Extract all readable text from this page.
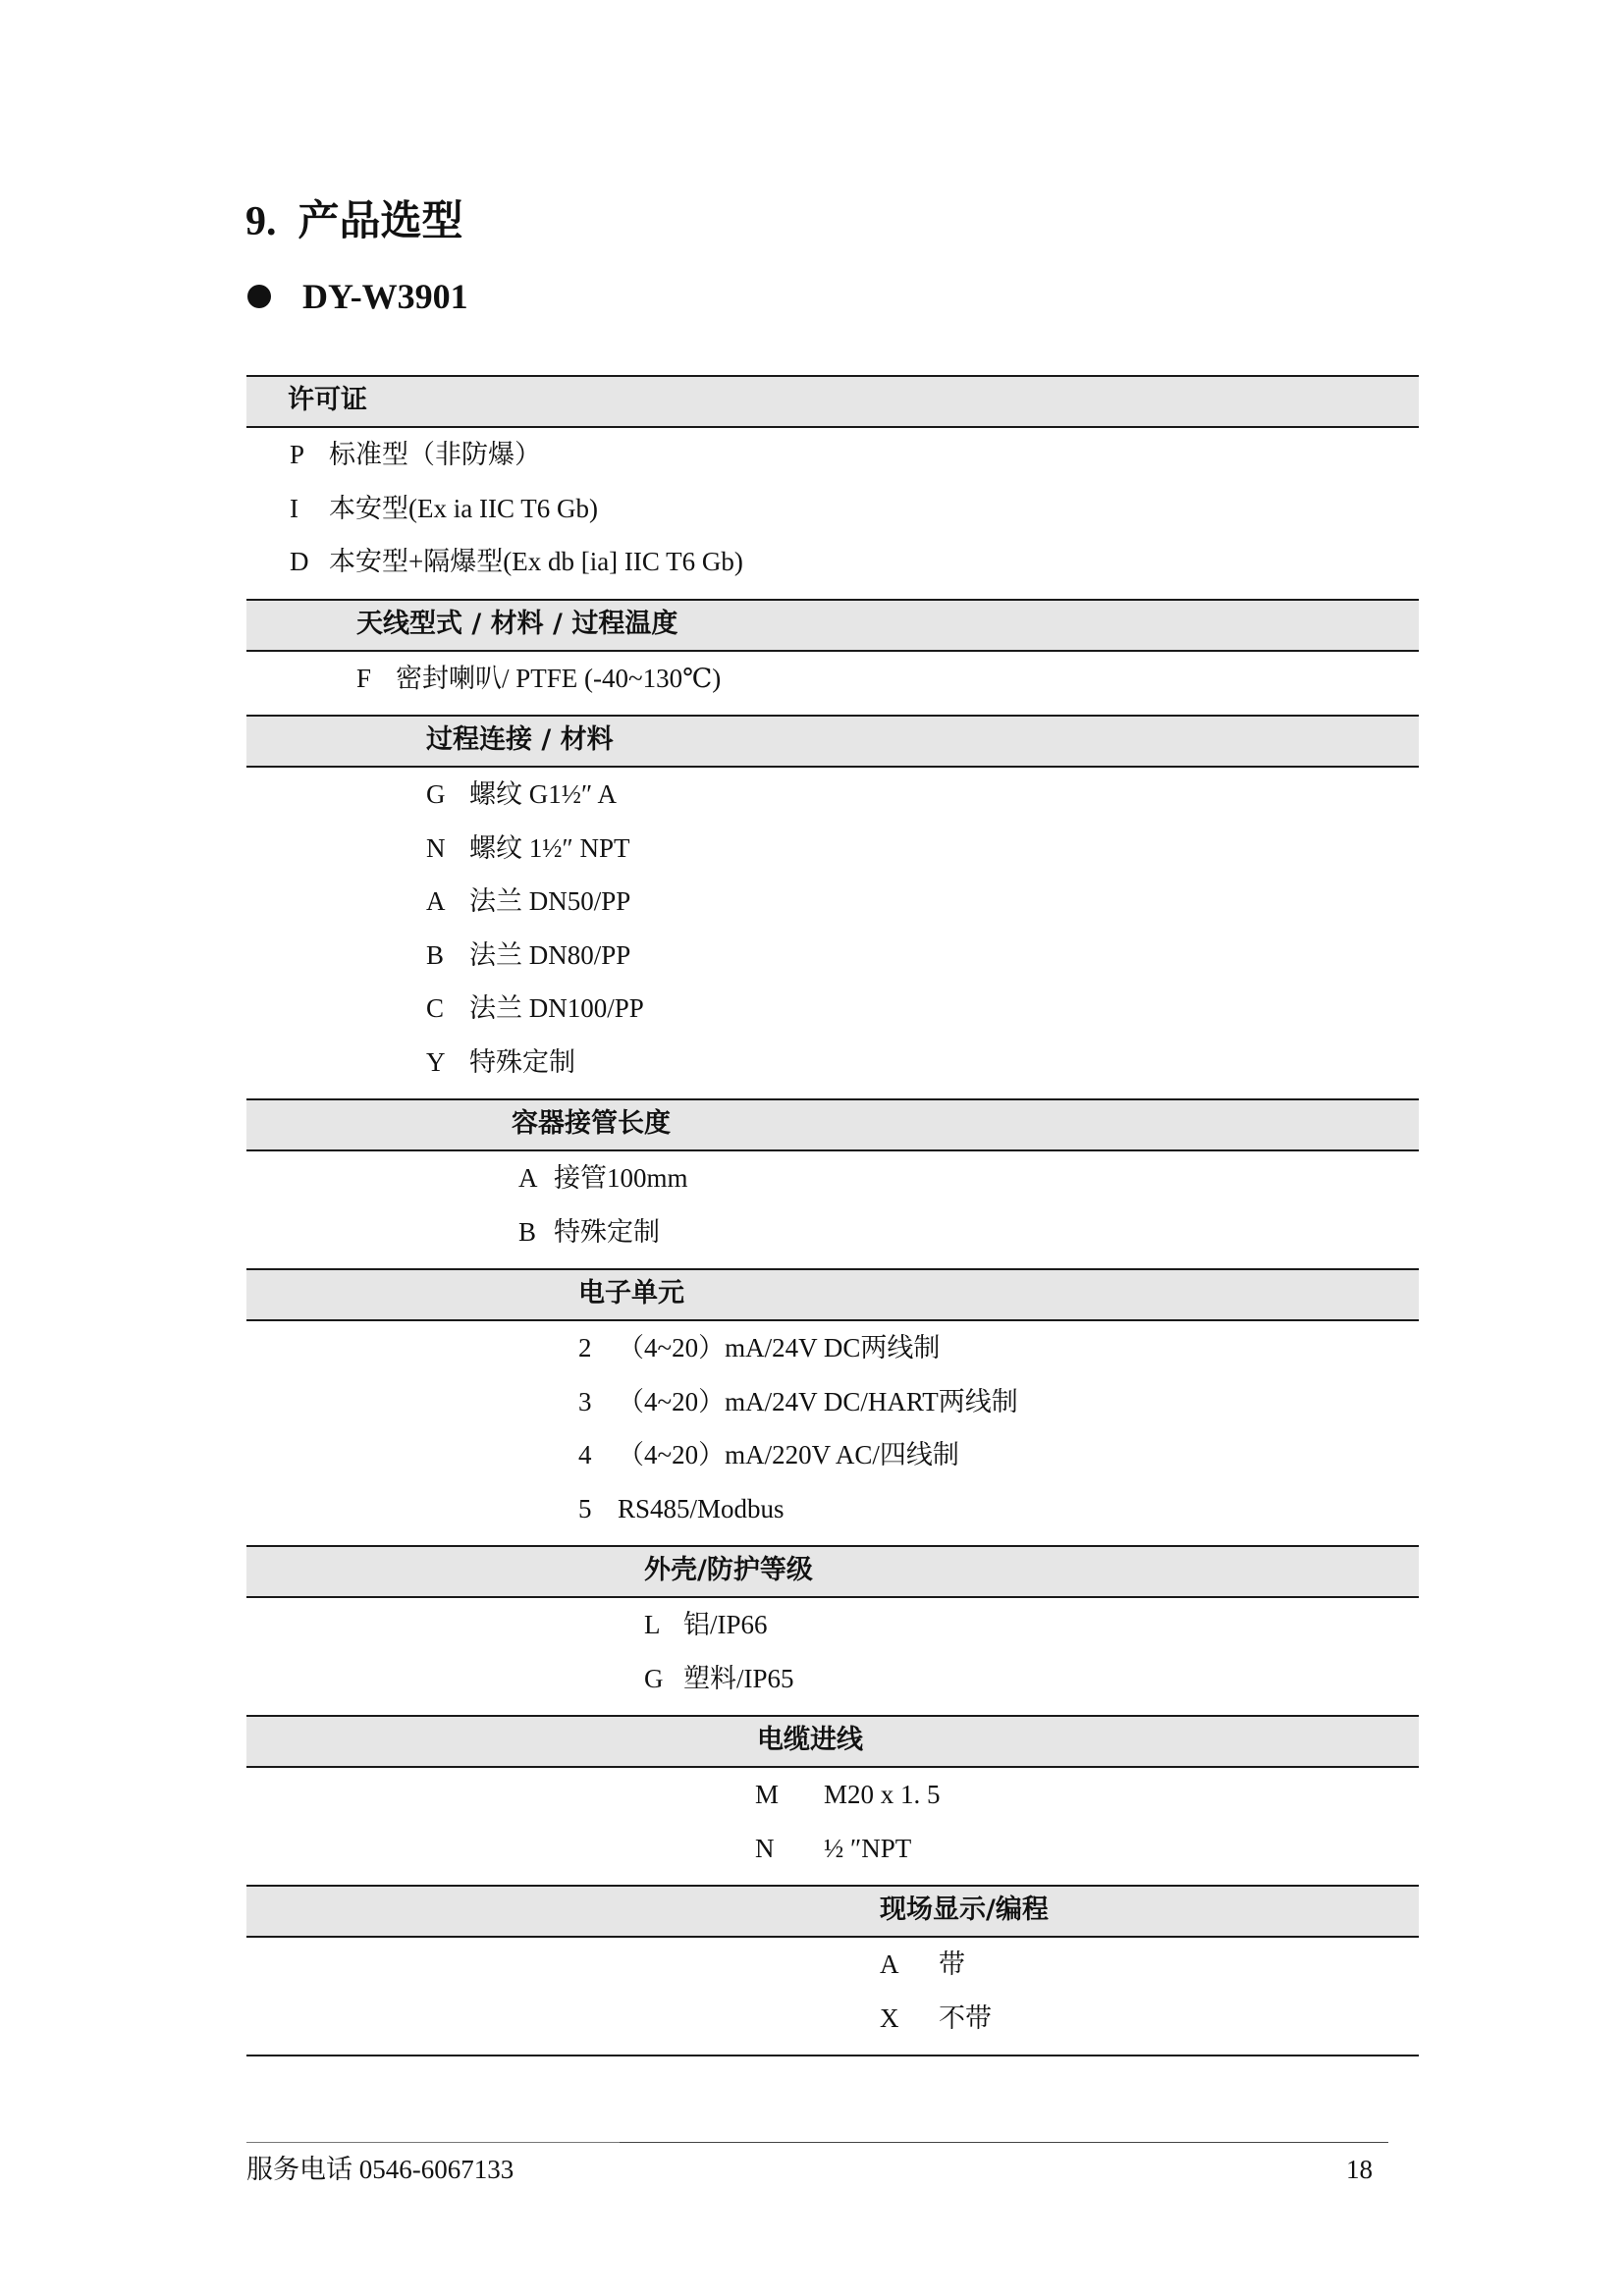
9. 产品选型
DY-W3901
许可证
P 标准型（非防爆）
I	本安型(Ex ia IIC T6 Gb)
D 本安型+隔爆型(Ex db [ia] IIC T6 Gb)
天线型式 / 材料 / 过程温度
F 密封喇叭/ PTFE (-40~130℃)
过程连接 / 材料
G 螺纹 G1½″ A
N 螺纹 1½″ NPT
A 法兰 DN50/PP
B 法兰 DN80/PP
C 法兰 DN100/PP
Y 特殊定制
容器接管长度
A 接管100mm
B 特殊定制
电子单元
2 （4~20）mA/24V DC两线制
3 （4~20）mA/24V DC/HART两线制
4 （4~20）mA/220V AC/四线制
5 RS485/Modbus
外壳/防护等级
L 铝/IP66
G 塑料/IP65
电缆进线
M	M20 x 1. 5
N	½ ″NPT
现场显示/编程
A	带
X	不带
服务电话 0546-6067133	18
